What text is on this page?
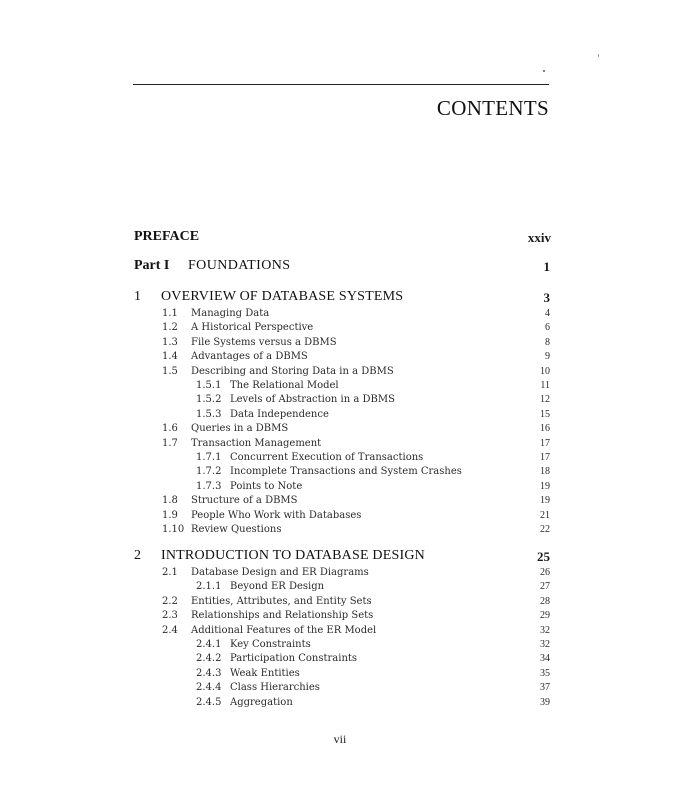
CONTENTS
PREFACE	xxiv
Part I FOUNDATIONS	1
1 OVERVIEW OF DATABASE SYSTEMS	3
1.1 Managing Data	4
1.2 A Historical Perspective	6
1.3 File Systems versus a DBMS	8
1.4 Advantages of a DBMS	9
1.5 Describing and Storing Data in a DBMS	10
1.5.1 The Relational Model	11
1.5.2 Levels of Abstraction in a DBMS	12
1.5.3 Data Independence	15
1.6 Queries in a DBMS	16
1.7 Transaction Management	17
1.7.1 Concurrent Execution of Transactions	17
1.7.2 Incomplete Transactions and System Crashes	18
1.7.3 Points to Note	19
1.8 Structure of a DBMS	19
1.9 People Who Work with Databases	21
1.10 Review Questions	22
2 INTRODUCTION TO DATABASE DESIGN	25
2.1 Database Design and ER Diagrams	26
2.1.1 Beyond ER Design	27
2.2 Entities, Attributes, and Entity Sets	28
2.3 Relationships and Relationship Sets	29
2.4 Additional Features of the ER Model	32
2.4.1 Key Constraints	32
2.4.2 Participation Constraints	34
2.4.3 Weak Entities	35
2.4.4 Class Hierarchies	37
2.4.5 Aggregation	39
vii
